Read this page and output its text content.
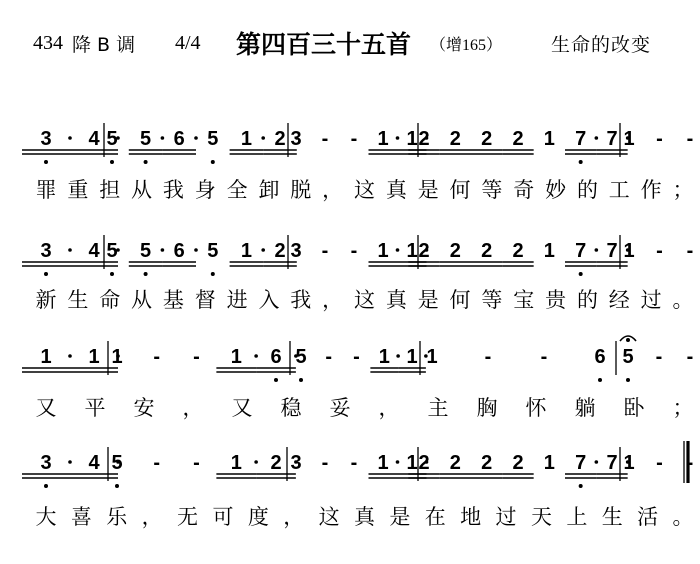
434 降 B 调 4/4 第四百三十五首 （增165）	生命的改变
3 4 5 5 6 5 1 2 3 - - 1 1 2 2 2 2 1 7 7 1 - -
罪 重 担 从 我 身 全 卸 脱 ， 这 真 是 何 等 奇 妙 的 工 作 ；
3 4 5 5 6 5 1 2 3 - - 1 1 2 2 2 2 1 7 7 1 - -
新 生 命 从 基 督 进 入 我 ， 这 真 是 何 等 宝 贵 的 经 过 。
1 1 1 - - 1 6 5 - - 1 1 1 - - 6 5 - -
又 平 安 ， 又 稳 妥 ， 主 胸 怀 躺 卧 ；
3 4 5 - - 1 2 3 - - 1 1 2 2 2 2 1 7 7 1 - -
大 喜 乐 ， 无 可 度 ， 这 真 是 在 地 过 天 上 生 活 。
